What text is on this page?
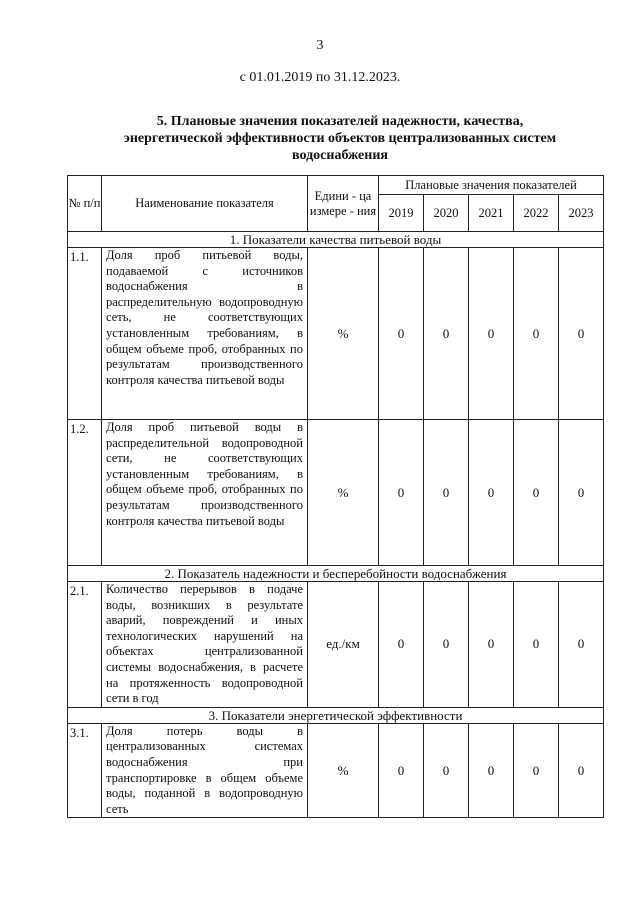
3
с 01.01.2019 по 31.12.2023.
5. Плановые значения показателей надежности, качества, энергетической эффективности объектов централизованных систем водоснабжения
№ п/п	Наименование показателя	Едини - ца измере - ния	Плановые значения показателей				
			2019	2020	2021	2022	2023
1. Показатели качества питьевой воды							
1.1.	Доля проб питьевой воды, подаваемой с источников водоснабжения в распределительную водопроводную сеть, не соответствующих установленным требованиям, в общем объеме проб, отобранных по результатам производственного контроля качества питьевой воды	%	0	0	0	0	0
1.2.	Доля проб питьевой воды в распределительной водопроводной сети, не соответствующих установленным требованиям, в общем объеме проб, отобранных по результатам производственного контроля качества питьевой воды	%	0	0	0	0	0
2. Показатель надежности и бесперебойности водоснабжения							
2.1.	Количество перерывов в подаче воды, возникших в результате аварий, повреждений и иных технологических нарушений на объектах централизованной системы водоснабжения, в расчете на протяженность водопроводной сети в год	ед./км	0	0	0	0	0
3. Показатели энергетической эффективности							
3.1.	Доля потерь воды в централизованных системах водоснабжения при транспортировке в общем объеме воды, поданной в водопроводную сеть	%	0	0	0	0	0
